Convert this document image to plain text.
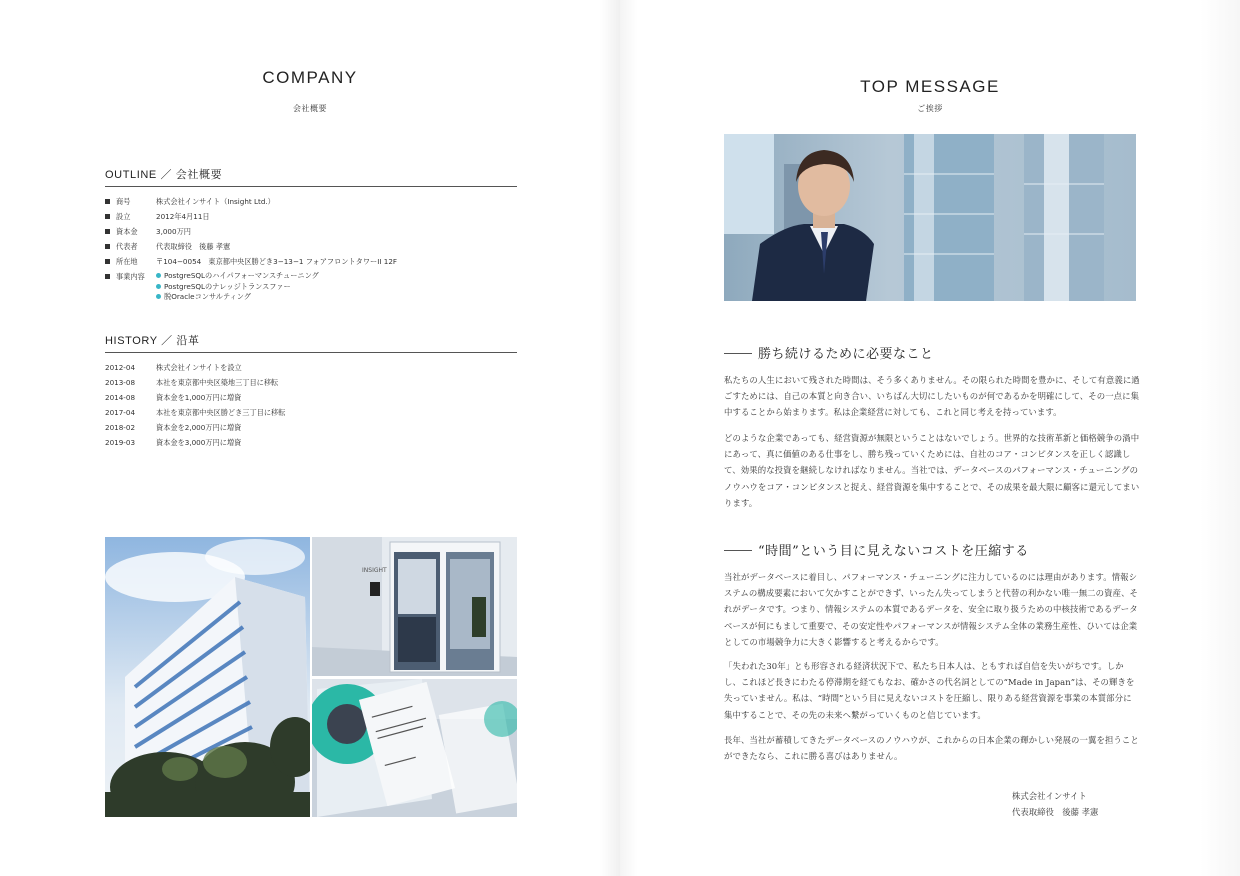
COMPANY
会社概要
OUTLINE ／ 会社概要
商号	株式会社インサイト（Insight Ltd.）
設立	2012年4月11日
資本金	3,000万円
代表者	代表取締役　後藤 孝憲
所在地	〒104−0054　東京都中央区勝どき3−13−1 フォアフロントタワーII 12F
事業内容	PostgreSQLのハイパフォーマンスチューニング
PostgreSQLのナレッジトランスファー
脱Oracleコンサルティング
HISTORY ／ 沿革
2012-04	株式会社インサイトを設立
2013-08	本社を東京都中央区築地三丁目に移転
2014-08	資本金を1,000万円に増資
2017-04	本社を東京都中央区勝どき三丁目に移転
2018-02	資本金を2,000万円に増資
2019-03	資本金を3,000万円に増資
INSIGHT
TOP MESSAGE
ご挨拶
勝ち続けるために必要なこと
私たちの人生において残された時間は、そう多くありません。その限られた時間を豊かに、そして有意義に過ごすためには、自己の本質と向き合い、いちばん大切にしたいものが何であるかを明確にして、その一点に集中することから始まります。私は企業経営に対しても、これと同じ考えを持っています。
どのような企業であっても、経営資源が無限ということはないでしょう。世界的な技術革新と価格競争の渦中にあって、真に価値のある仕事をし、勝ち残っていくためには、自社のコア・コンピタンスを正しく認識して、効果的な投資を継続しなければなりません。当社では、データベースのパフォーマンス・チューニングのノウハウをコア・コンピタンスと捉え、経営資源を集中することで、その成果を最大限に顧客に還元してまいります。
“時間”という目に見えないコストを圧縮する
当社がデータベースに着目し、パフォーマンス・チューニングに注力しているのには理由があります。情報システムの構成要素において欠かすことができず、いったん失ってしまうと代替の利かない唯一無二の資産、それがデータです。つまり、情報システムの本質であるデータを、安全に取り扱うための中核技術であるデータベースが何にもまして重要で、その安定性やパフォーマンスが情報システム全体の業務生産性、ひいては企業としての市場競争力に大きく影響すると考えるからです。
「失われた30年」とも形容される経済状況下で、私たち日本人は、ともすれば自信を失いがちです。しかし、これほど長きにわたる停滞期を経てもなお、確かさの代名詞としての“Made in Japan”は、その輝きを失っていません。私は、“時間”という目に見えないコストを圧縮し、限りある経営資源を事業の本質部分に集中することで、その先の未来へ繋がっていくものと信じています。
長年、当社が蓄積してきたデータベースのノウハウが、これからの日本企業の輝かしい発展の一翼を担うことができたなら、これに勝る喜びはありません。
株式会社インサイト
代表取締役　後藤 孝憲
